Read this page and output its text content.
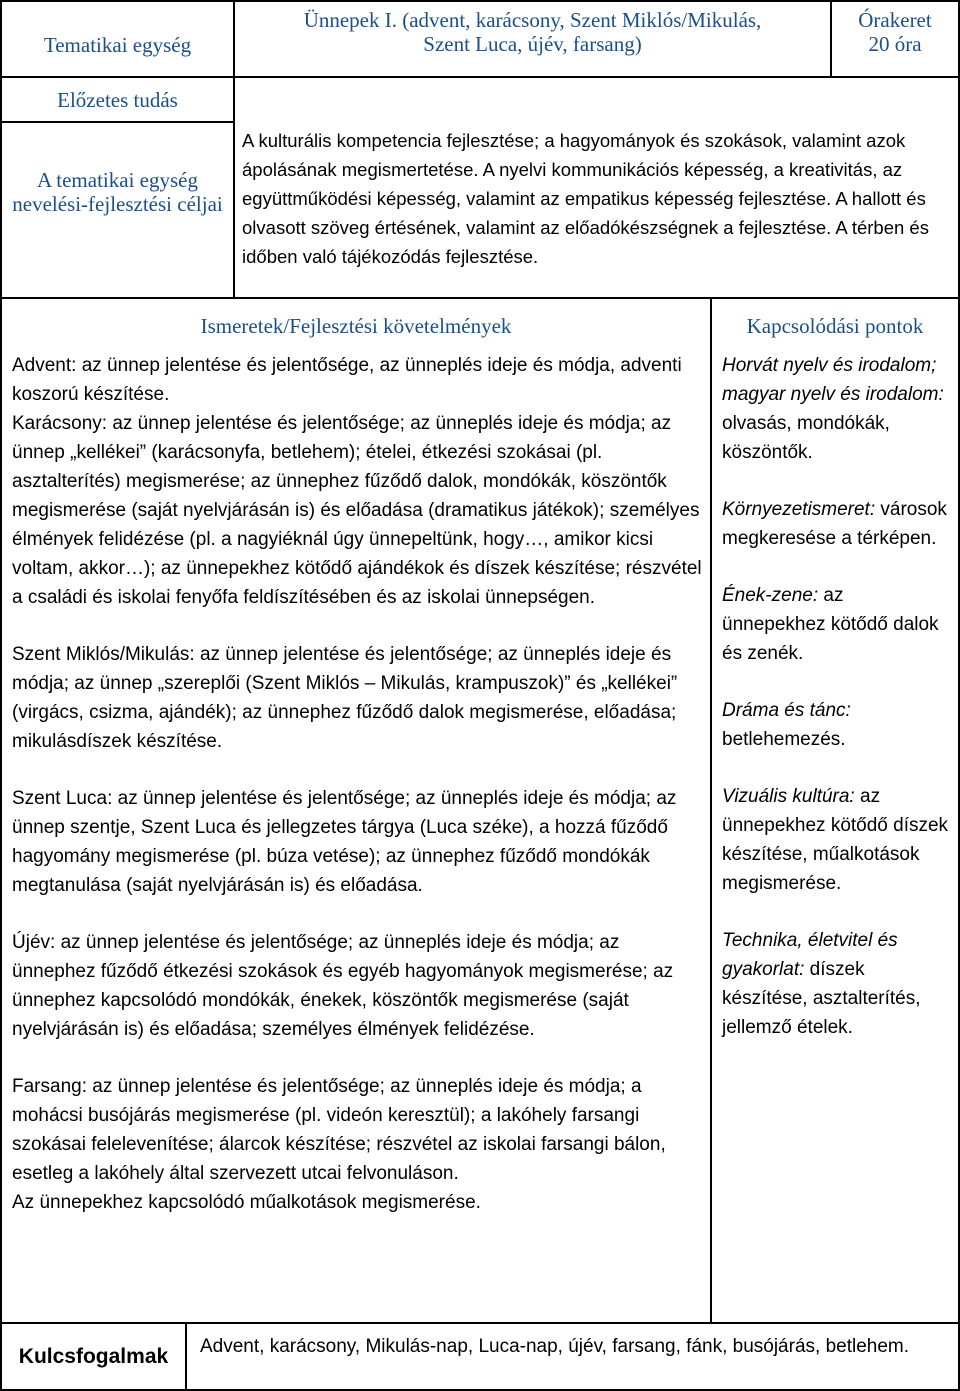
Tematikai egység
Ünnepek I. (advent, karácsony, Szent Miklós/Mikulás,
Szent Luca, újév, farsang)
Órakeret
20 óra
Előzetes tudás
A tematikai egység nevelési-fejlesztési céljai
A kulturális kompetencia fejlesztése; a hagyományok és szokások, valamint azok ápolásának megismertetése. A nyelvi kommunikációs képesség, a kreativitás, az együttműködési képesség, valamint az empatikus képesség fejlesztése. A hallott és olvasott szöveg értésének, valamint az előadókészségnek a fejlesztése. A térben és időben való tájékozódás fejlesztése.
Ismeretek/Fejlesztési követelmények	Kapcsolódási pontok

Advent: az ünnep jelentése és jelentősége, az ünneplés ideje és módja, adventi koszorú készítése.
Karácsony: az ünnep jelentése és jelentősége; az ünneplés ideje és módja; az ünnep „kellékei” (karácsonyfa, betlehem); ételei, étkezési szokásai (pl. asztalterítés) megismerése; az ünnephez fűződő dalok, mondókák, köszöntők megismerése (saját nyelvjárásán is) és előadása (dramatikus játékok); személyes élmények felidézése (pl. a nagyiéknál úgy ünnepeltünk, hogy…, amikor kicsi voltam, akkor…); az ünnepekhez kötődő ajándékok és díszek készítése; részvétel a családi és iskolai fenyőfa feldíszítésében és az iskolai ünnepségen.

Szent Miklós/Mikulás: az ünnep jelentése és jelentősége; az ünneplés ideje és módja; az ünnep „szereplői (Szent Miklós – Mikulás, krampuszok)” és „kellékei” (virgács, csizma, ajándék); az ünnephez fűződő dalok megismerése, előadása; mikulásdíszek készítése.

Szent Luca: az ünnep jelentése és jelentősége; az ünneplés ideje és módja; az ünnep szentje, Szent Luca és jellegzetes tárgya (Luca széke), a hozzá fűződő hagyomány megismerése (pl. búza vetése); az ünnephez fűződő mondókák megtanulása (saját nyelvjárásán is) és előadása.

Újév: az ünnep jelentése és jelentősége; az ünneplés ideje és módja; az ünnephez fűződő étkezési szokások és egyéb hagyományok megismerése; az ünnephez kapcsolódó mondókák, énekek, köszöntők megismerése (saját nyelvjárásán is) és előadása; személyes élmények felidézése.

Farsang: az ünnep jelentése és jelentősége; az ünneplés ideje és módja; a mohácsi busójárás megismerése (pl. videón keresztül); a lakóhely farsangi szokásai felelevenítése; álarcok készítése; részvétel az iskolai farsangi bálon, esetleg a lakóhely által szervezett utcai felvonuláson.
Az ünnepekhez kapcsolódó műalkotások megismerése.

Horvát nyelv és irodalom; magyar nyelv és irodalom: olvasás, mondókák, köszöntők.

Környezetismeret: városok megkeresése a térképen.

Ének-zene: az ünnepekhez kötődő dalok és zenék.

Dráma és tánc: betlehemezés.

Vizuális kultúra: az ünnepekhez kötődő díszek készítése, műalkotások megismerése.

Technika, életvitel és gyakorlat: díszek készítése, asztalterítés, jellemző ételek.

Kulcsfogalmak Advent, karácsony, Mikulás-nap, Luca-nap, újév, farsang, fánk, busójárás, betlehem.
